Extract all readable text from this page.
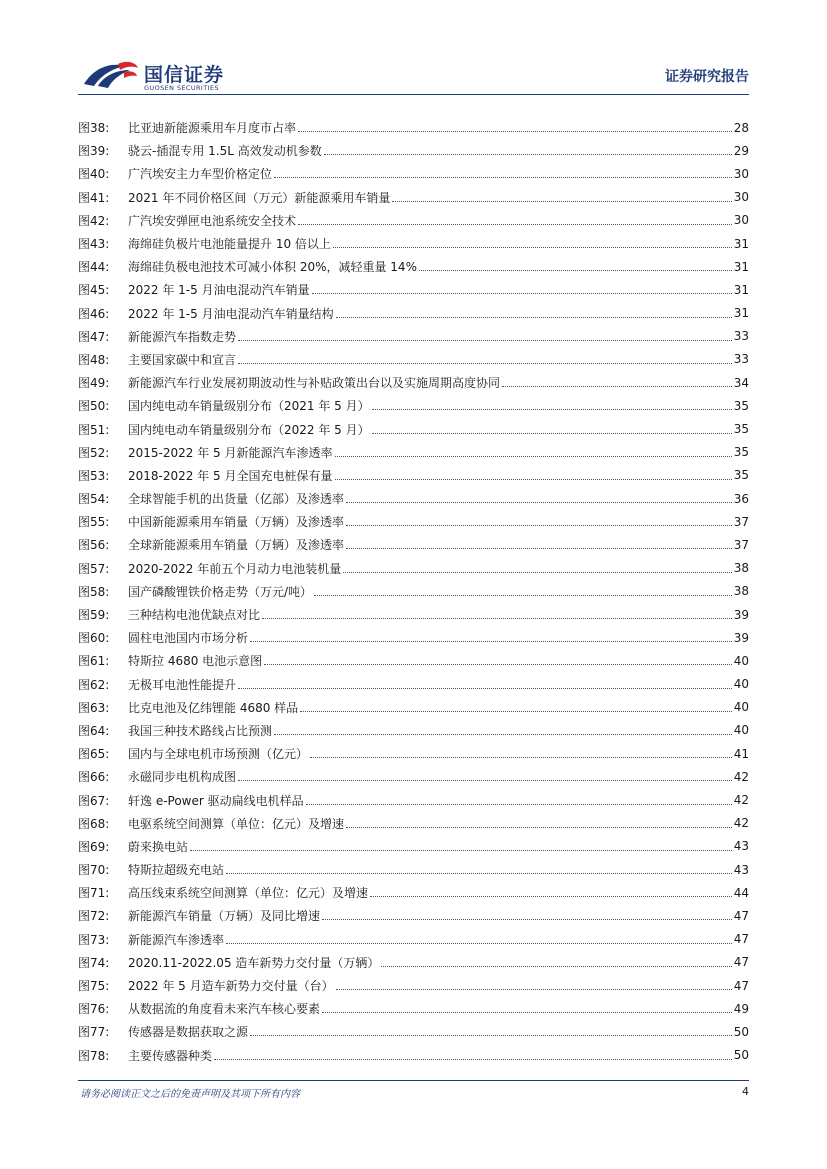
国信证券
GUOSEN SECURITIES
证券研究报告
图38:	比亚迪新能源乘用车月度市占率	28
图39:	骁云-插混专用 1.5L 高效发动机参数	29
图40:	广汽埃安主力车型价格定位	30
图41:	2021 年不同价格区间（万元）新能源乘用车销量	30
图42:	广汽埃安弹匣电池系统安全技术	30
图43:	海绵硅负极片电池能量提升 10 倍以上	31
图44:	海绵硅负极电池技术可减小体积 20%，减轻重量 14%	31
图45:	2022 年 1-5 月油电混动汽车销量	31
图46:	2022 年 1-5 月油电混动汽车销量结构	31
图47:	新能源汽车指数走势	33
图48:	主要国家碳中和宣言	33
图49:	新能源汽车行业发展初期波动性与补贴政策出台以及实施周期高度协同	34
图50:	国内纯电动车销量级别分布（2021 年 5 月）	35
图51:	国内纯电动车销量级别分布（2022 年 5 月）	35
图52:	2015-2022 年 5 月新能源汽车渗透率	35
图53:	2018-2022 年 5 月全国充电桩保有量	35
图54:	全球智能手机的出货量（亿部）及渗透率	36
图55:	中国新能源乘用车销量（万辆）及渗透率	37
图56:	全球新能源乘用车销量（万辆）及渗透率	37
图57:	2020-2022 年前五个月动力电池装机量	38
图58:	国产磷酸锂铁价格走势（万元/吨）	38
图59:	三种结构电池优缺点对比	39
图60:	圆柱电池国内市场分析	39
图61:	特斯拉 4680 电池示意图	40
图62:	无极耳电池性能提升	40
图63:	比克电池及亿纬锂能 4680 样品	40
图64:	我国三种技术路线占比预测	40
图65:	国内与全球电机市场预测（亿元）	41
图66:	永磁同步电机构成图	42
图67:	轩逸 e-Power 驱动扁线电机样品	42
图68:	电驱系统空间测算（单位：亿元）及增速	42
图69:	蔚来换电站	43
图70:	特斯拉超级充电站	43
图71:	高压线束系统空间测算（单位：亿元）及增速	44
图72:	新能源汽车销量（万辆）及同比增速	47
图73:	新能源汽车渗透率	47
图74:	2020.11-2022.05 造车新势力交付量（万辆）	47
图75:	2022 年 5 月造车新势力交付量（台）	47
图76:	从数据流的角度看未来汽车核心要素	49
图77:	传感器是数据获取之源	50
图78:	主要传感器种类	50
请务必阅读正文之后的免责声明及其项下所有内容	4
